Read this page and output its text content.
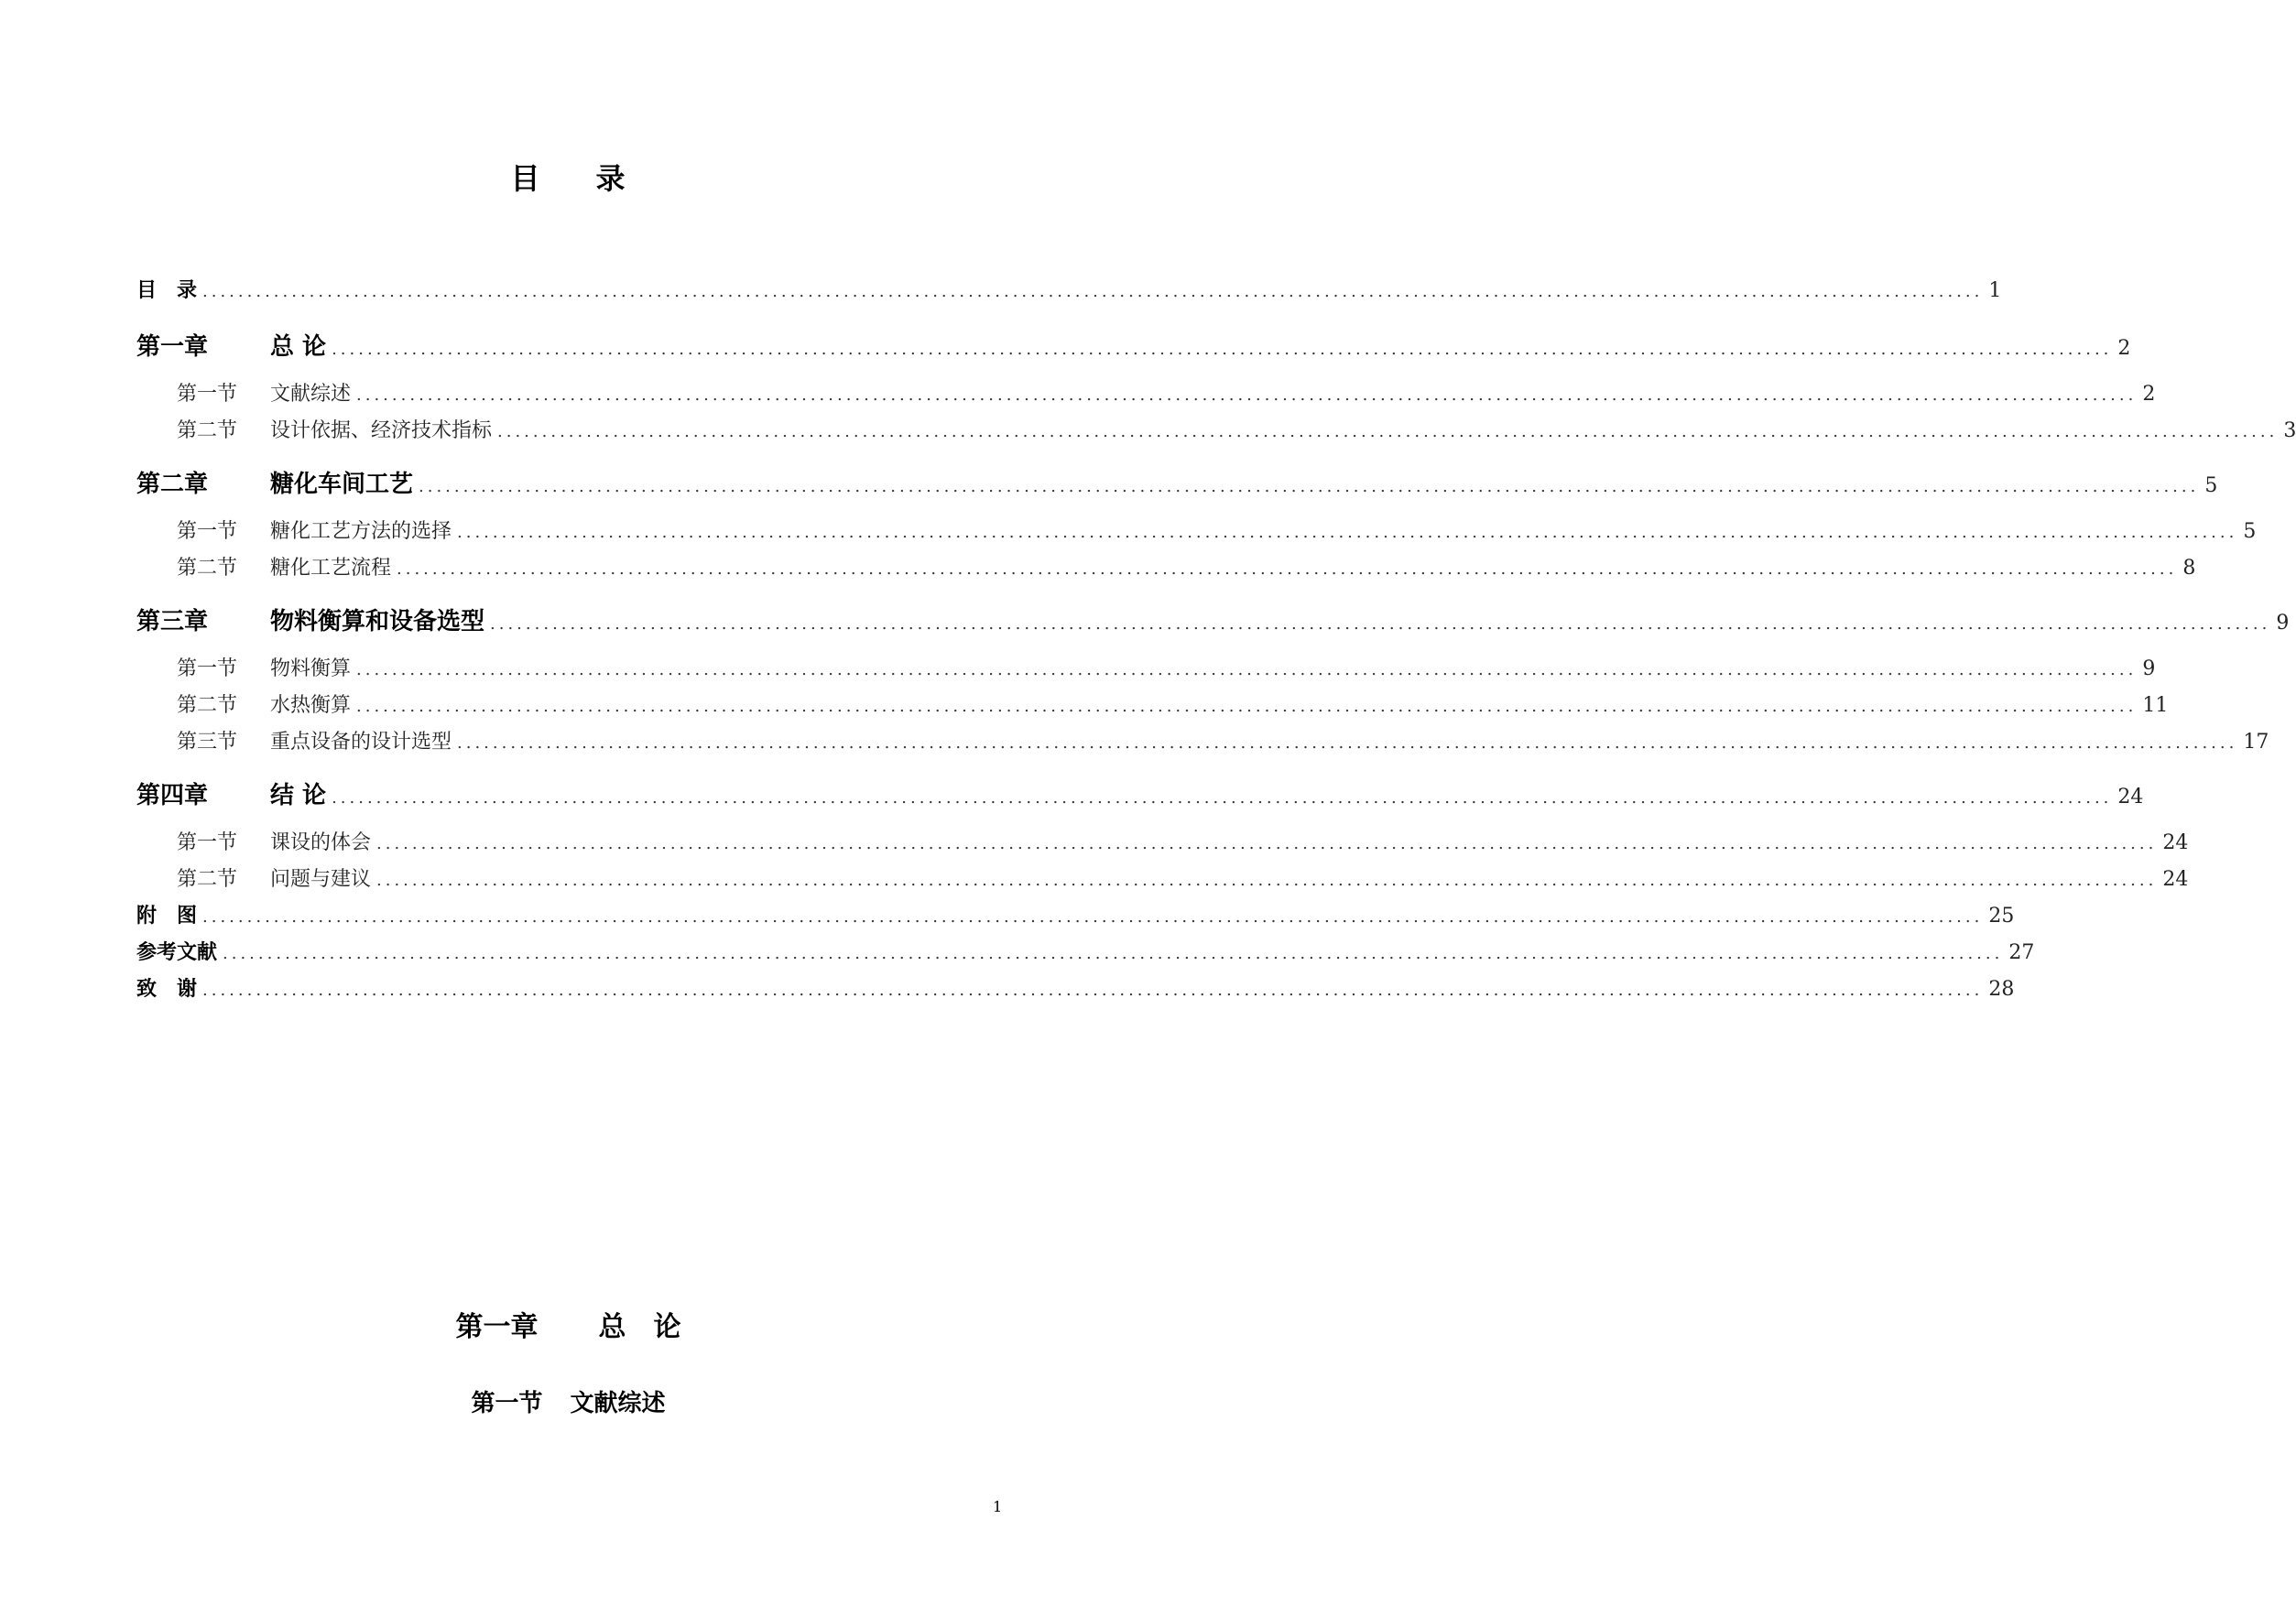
目 录
目　录 ........................................................................................................................................................................................................ 1
第一章	总 论 ........................................................................................................................................................................................................ 2
第一节	文献综述 ........................................................................................................................................................................................................ 2
第二节	设计依据、经济技术指标 ........................................................................................................................................................................................................ 3
第二章	糖化车间工艺 ........................................................................................................................................................................................................ 5
第一节	糖化工艺方法的选择 ........................................................................................................................................................................................................ 5
第二节	糖化工艺流程 ........................................................................................................................................................................................................ 8
第三章	物料衡算和设备选型 ........................................................................................................................................................................................................ 9
第一节	物料衡算 ........................................................................................................................................................................................................ 9
第二节	水热衡算 ........................................................................................................................................................................................................ 11
第三节	重点设备的设计选型 ........................................................................................................................................................................................................ 17
第四章	结 论 ........................................................................................................................................................................................................ 24
第一节	课设的体会 ........................................................................................................................................................................................................ 24
第二节	问题与建议 ........................................................................................................................................................................................................ 24
附　图 ........................................................................................................................................................................................................ 25
参考文献 ........................................................................................................................................................................................................ 27
致　谢 ........................................................................................................................................................................................................ 28
第一章 总　论
第一节 文献综述
1
